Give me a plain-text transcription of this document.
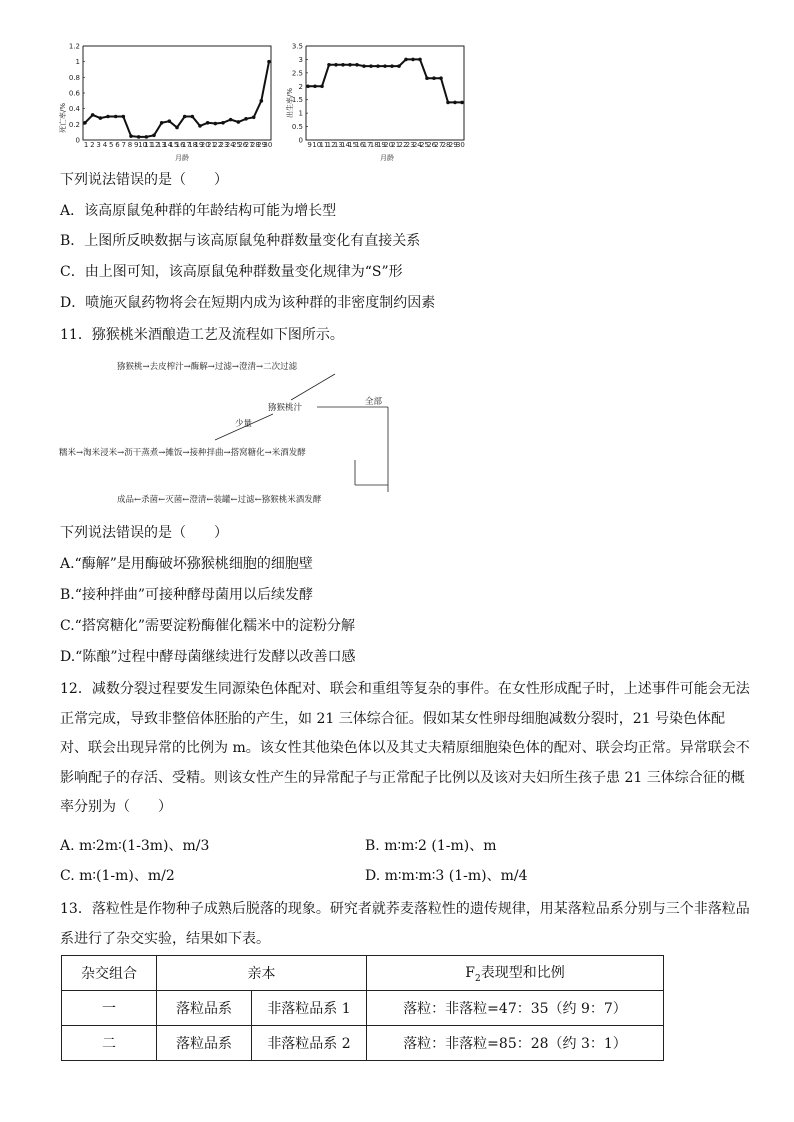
0
0.2
0.4
0.6
0.8
1
1.2
1 2 3 4 5 6 7 8 9 10
11
12
13
14
15
16
17
18
19
20
21
22
23
24
25
26
27
28
29
30
死亡率/%
月龄
0
0.5
1
1.5
2
2.5
3
3.5
9 10
11
12
13
14
15
16
17
18
19
20
21
22
23
24
25
26
27
28
29
30
出生率/%
月龄
下列说法错误的是（　　）
A．该高原鼠兔种群的年龄结构可能为增长型
B．上图所反映数据与该高原鼠兔种群数量变化有直接关系
C．由上图可知，该高原鼠兔种群数量变化规律为“S”形
D．喷施灭鼠药物将会在短期内成为该种群的非密度制约因素
11．猕猴桃米酒酿造工艺及流程如下图所示。
猕猴桃→去皮榨汁→酶解→过滤→澄清→二次过滤
猕猴桃汁
全部
少量
糯米→淘米浸米→沥干蒸煮→摊饭→接种拌曲→搭窝糖化→米酒发酵
成品←杀菌←灭菌←澄清←装罐←过滤←猕猴桃米酒发酵
下列说法错误的是（　　）
A.“酶解”是用酶破坏猕猴桃细胞的细胞壁
B.“接种拌曲”可接种酵母菌用以后续发酵
C.“搭窝糖化”需要淀粉酶催化糯米中的淀粉分解
D.“陈酿”过程中酵母菌继续进行发酵以改善口感
12．减数分裂过程要发生同源染色体配对、联会和重组等复杂的事件。在女性形成配子时，上述事件可能会无法正常完成，导致非整倍体胚胎的产生，如 21 三体综合征。假如某女性卵母细胞减数分裂时，21 号染色体配对、联会出现异常的比例为 m。该女性其他染色体以及其丈夫精原细胞染色体的配对、联会均正常。异常联会不影响配子的存活、受精。则该女性产生的异常配子与正常配子比例以及该对夫妇所生孩子患 21 三体综合征的概率分别为（　　）
A. m∶2m∶(1-3m)、m/3	B. m∶m∶2 (1-m)、m
C. m∶(1-m)、m/2	D. m∶m∶m∶3 (1-m)、m/4
13．落粒性是作物种子成熟后脱落的现象。研究者就荞麦落粒性的遗传规律，用某落粒品系分别与三个非落粒品系进行了杂交实验，结果如下表。
杂交组合	亲本		$F_2$表现型和比例
一	落粒品系	非落粒品系 1	落粒：非落粒=47：35（约 9：7）
二	落粒品系	非落粒品系 2	落粒：非落粒=85：28（约 3：1）
